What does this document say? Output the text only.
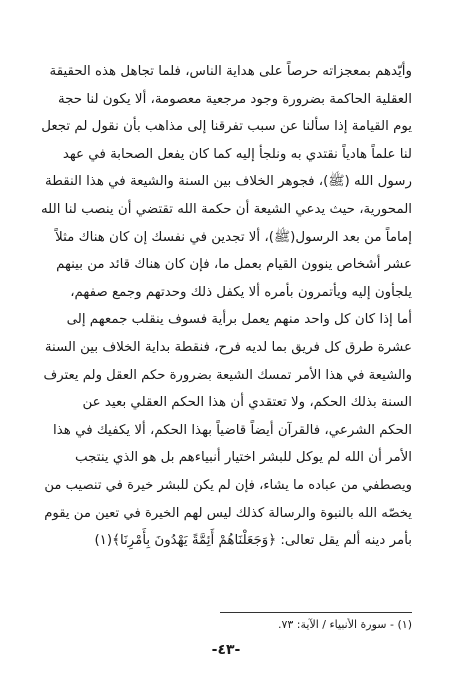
وأيّدهم بمعجزاته حرصاً على هداية الناس، فلما تجاهل هذه الحقيقة
العقلية الحاكمة بضرورة وجود مرجعية معصومة، ألا يكون لنا حجة
يوم القيامة إذا سألنا عن سبب تفرقنا إلى مذاهب بأن نقول لم تجعل
لنا علماً هادياً نقتدي به ونلجأ إليه كما كان يفعل الصحابة في عهد
رسول الله (ﷺ)، فجوهر الخلاف بين السنة والشيعة في هذا النقطة
المحورية، حيث يدعي الشيعة أن حكمة الله تقتضي أن ينصب لنا الله
إماماً من بعد الرسول(ﷺ)، ألا تجدين في نفسك إن كان هناك مثلاً
عشر أشخاص ينوون القيام بعمل ما، فإن كان هناك قائد من بينهم
يلجأون إليه ويأتمرون بأمره ألا يكفل ذلك وحدتهم وجمع صفهم،
أما إذا كان كل واحد منهم يعمل برأية فسوف ينقلب جمعهم إلى
عشرة طرق كل فريق بما لديه فرح، فنقطة بداية الخلاف بين السنة
والشيعة في هذا الأمر تمسك الشيعة بضرورة حكم العقل ولم يعترف
السنة بذلك الحكم، ولا تعتقدي أن هذا الحكم العقلي بعيد عن
الحكم الشرعي، فالقرآن أيضاً قاضياً بهذا الحكم، ألا يكفيك في هذا
الأمر أن الله لم يوكل للبشر اختيار أنبياءهم بل هو الذي ينتجب
ويصطفي من عباده ما يشاء، فإن لم يكن للبشر خيرة في تنصيب من
يخصّه الله بالنبوة والرسالة كذلك ليس لهم الخيرة في تعين من يقوم
بأمر دينه ألم يقل تعالى: ﴿وَجَعَلْنَاهُمْ أَئِمَّةً يَهْدُونَ بِأَمْرِنَا﴾(١)
(١) - سورة الأنبياء / الآية: ٧٣.
-٤٣-
